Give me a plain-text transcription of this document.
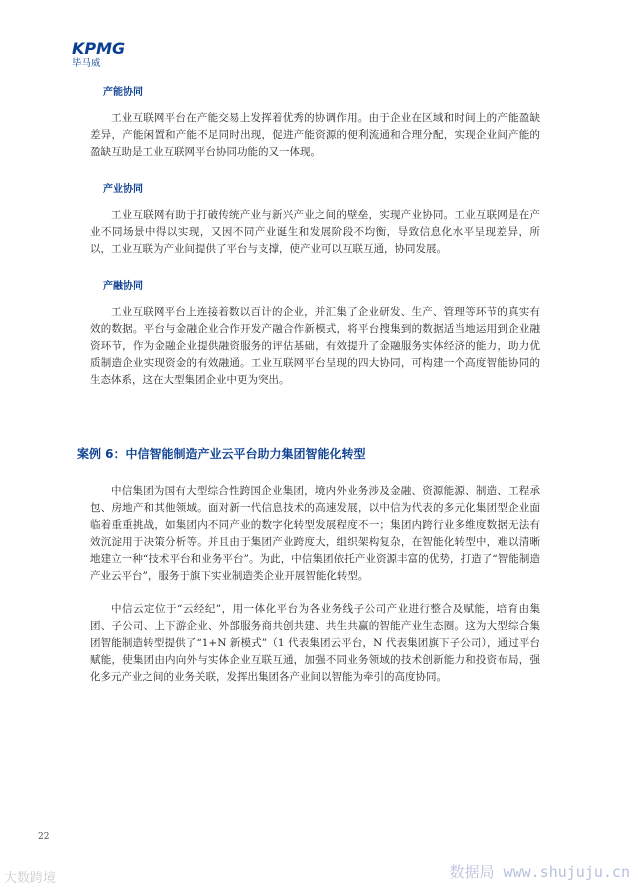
KPMG
毕马威
产能协同

工业互联网平台在产能交易上发挥着优秀的协调作用。由于企业在区域和时间上的产能盈缺差异，产能闲置和产能不足同时出现，促进产能资源的便利流通和合理分配，实现企业间产能的盈缺互助是工业互联网平台协同功能的又一体现。

产业协同

工业互联网有助于打破传统产业与新兴产业之间的壁垒，实现产业协同。工业互联网是在产业不同场景中得以实现，又因不同产业诞生和发展阶段不均衡，导致信息化水平呈现差异，所以，工业互联为产业间提供了平台与支撑，使产业可以互联互通，协同发展。

产融协同

工业互联网平台上连接着数以百计的企业，并汇集了企业研发、生产、管理等环节的真实有效的数据。平台与金融企业合作开发产融合作新模式，将平台搜集到的数据适当地运用到企业融资环节，作为金融企业提供融资服务的评估基础，有效提升了金融服务实体经济的能力，助力优质制造企业实现资金的有效融通。工业互联网平台呈现的四大协同，可构建一个高度智能协同的生态体系，这在大型集团企业中更为突出。

案例 6：中信智能制造产业云平台助力集团智能化转型

中信集团为国有大型综合性跨国企业集团，境内外业务涉及金融、资源能源、制造、工程承包、房地产和其他领域。面对新一代信息技术的高速发展，以中信为代表的多元化集团型企业面临着重重挑战，如集团内不同产业的数字化转型发展程度不一；集团内跨行业多维度数据无法有效沉淀用于决策分析等。并且由于集团产业跨度大，组织架构复杂，在智能化转型中，难以清晰地建立一种“技术平台和业务平台”。为此，中信集团依托产业资源丰富的优势，打造了“智能制造产业云平台”，服务于旗下实业制造类企业开展智能化转型。

中信云定位于“云经纪”，用一体化平台为各业务线子公司产业进行整合及赋能，培育由集团、子公司、上下游企业、外部服务商共创共建、共生共赢的智能产业生态圈。这为大型综合集团智能制造转型提供了“1+N 新模式”（1 代表集团云平台，N 代表集团旗下子公司），通过平台赋能，使集团由内向外与实体企业互联互通，加强不同业务领域的技术创新能力和投资布局，强化多元产业之间的业务关联，发挥出集团各产业间以智能为牵引的高度协同。

22
大数跨境	数据局 www.shujuju.cn
